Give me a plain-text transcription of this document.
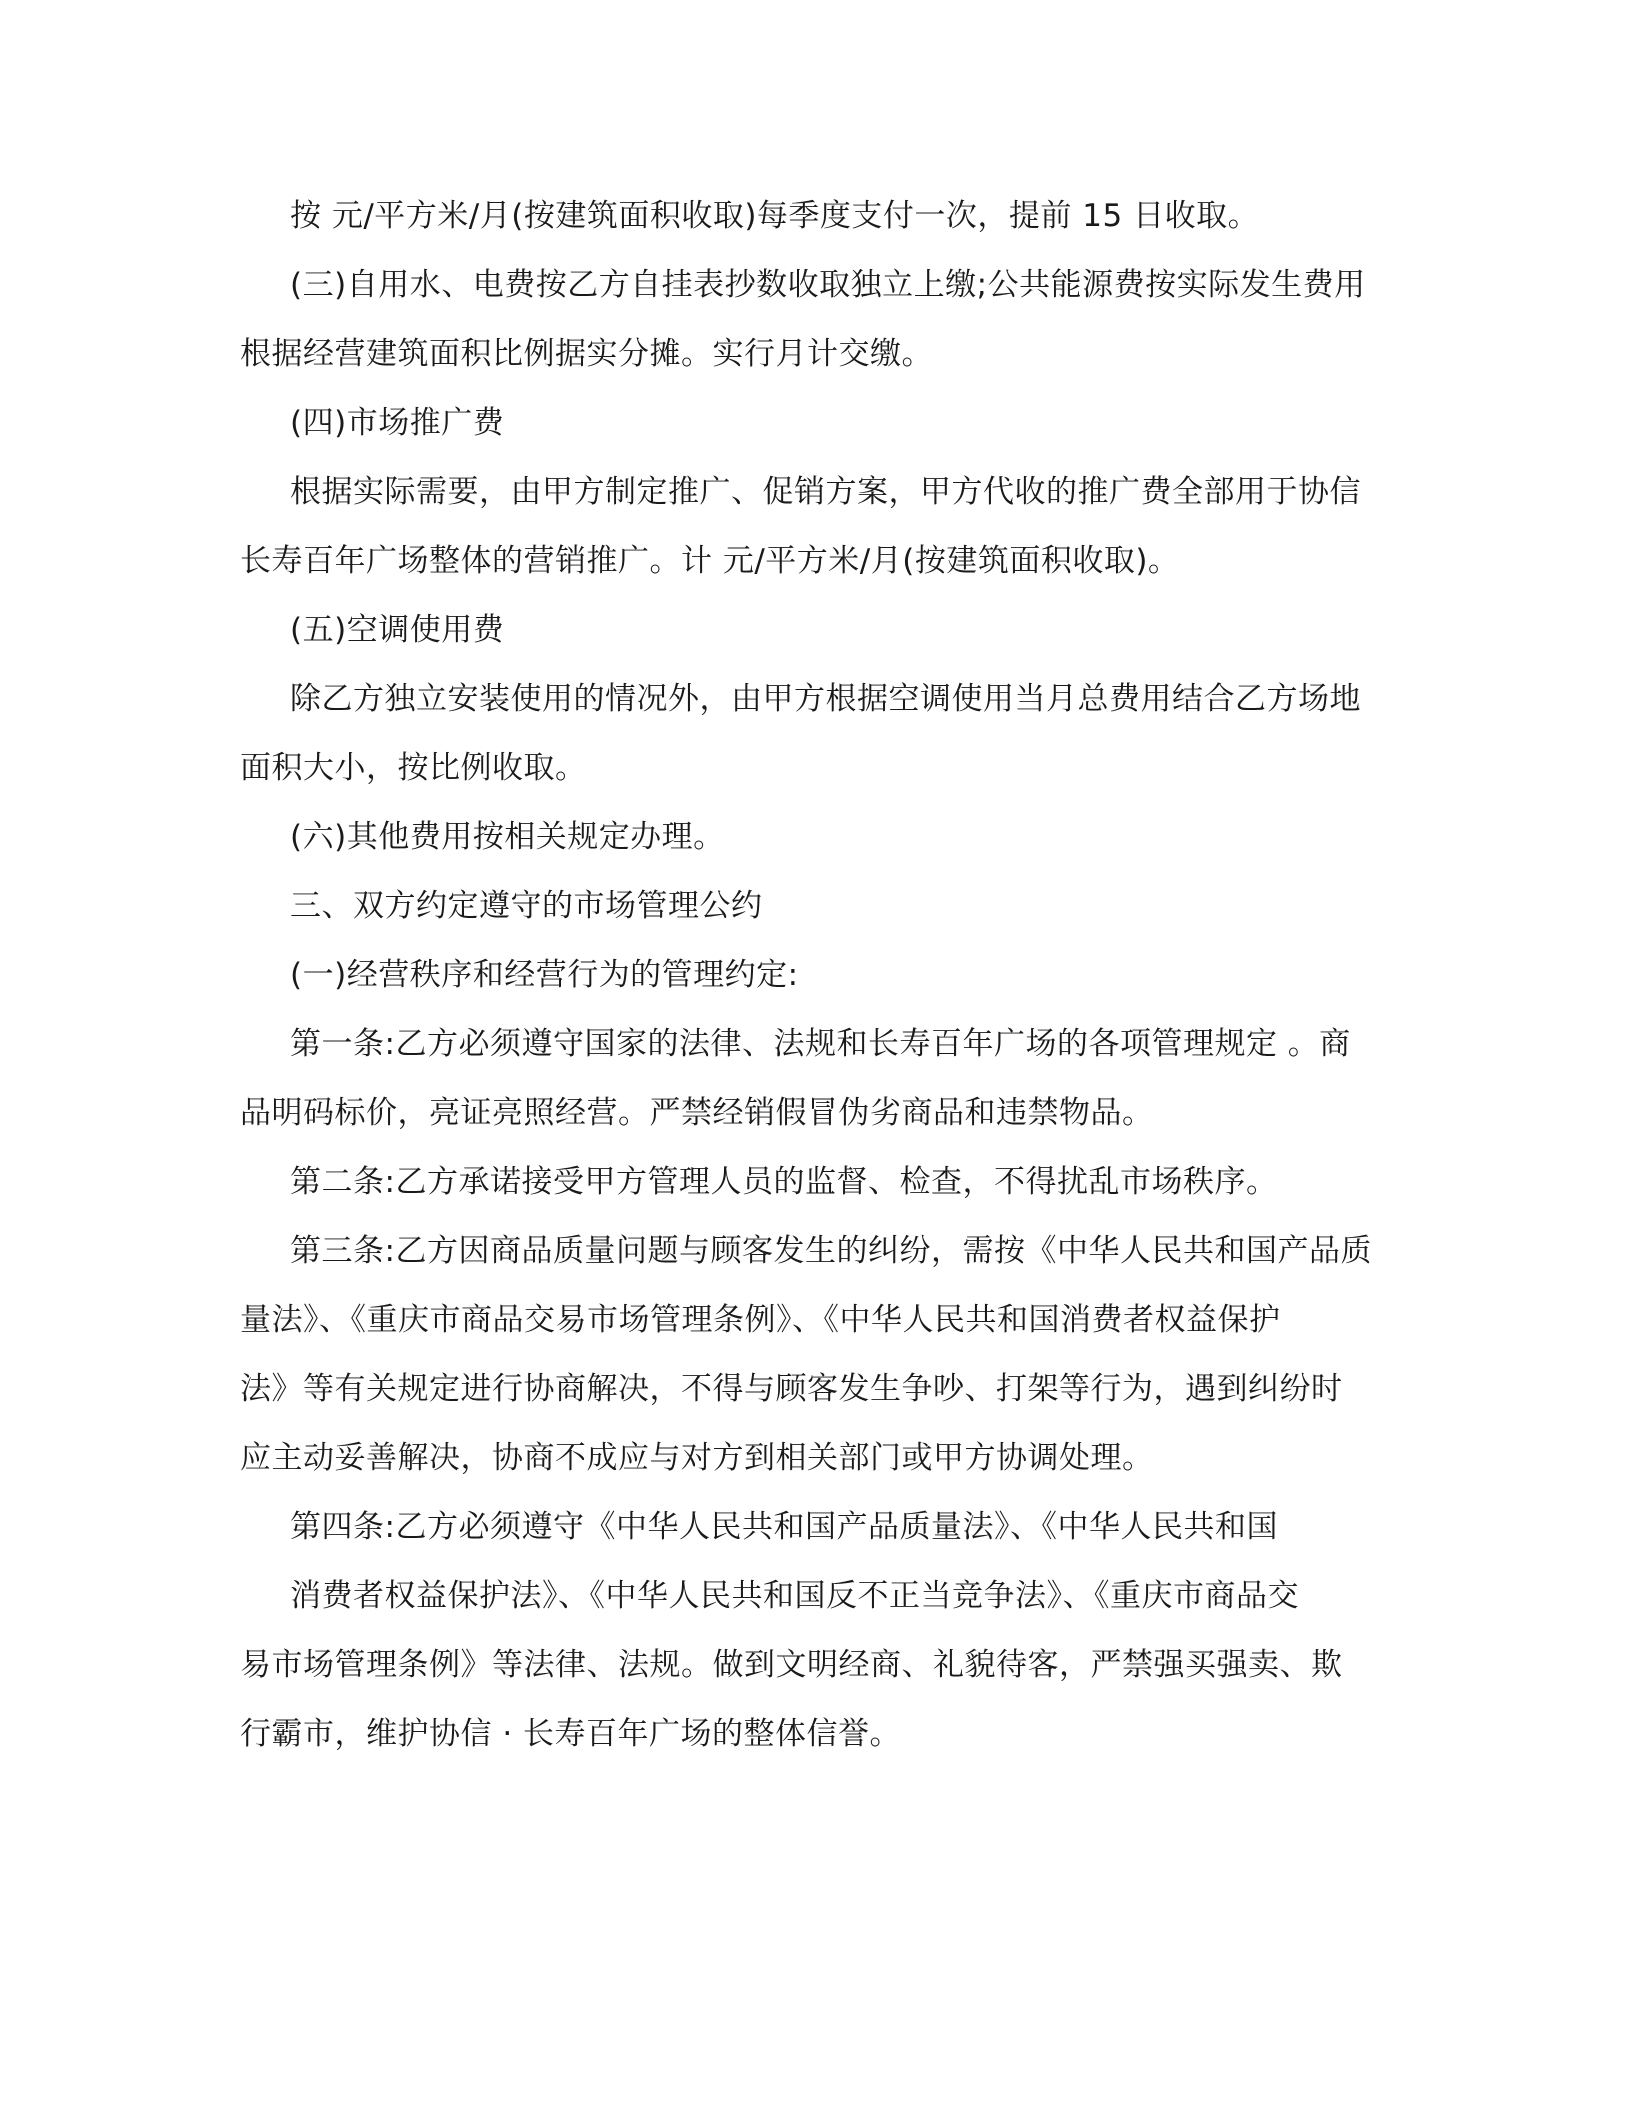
按 元/平方米/月(按建筑面积收取)每季度支付一次，提前 15 日收取。
(三)自用水、电费按乙方自挂表抄数收取独立上缴;公共能源费按实际发生费用
根据经营建筑面积比例据实分摊。实行月计交缴。
(四)市场推广费
根据实际需要，由甲方制定推广、促销方案，甲方代收的推广费全部用于协信
长寿百年广场整体的营销推广。计 元/平方米/月(按建筑面积收取)。
(五)空调使用费
除乙方独立安装使用的情况外，由甲方根据空调使用当月总费用结合乙方场地
面积大小，按比例收取。
(六)其他费用按相关规定办理。
三、双方约定遵守的市场管理公约
(一)经营秩序和经营行为的管理约定:
第一条:乙方必须遵守国家的法律、法规和长寿百年广场的各项管理规定 。商
品明码标价，亮证亮照经营。严禁经销假冒伪劣商品和违禁物品。
第二条:乙方承诺接受甲方管理人员的监督、检查，不得扰乱市场秩序。
第三条:乙方因商品质量问题与顾客发生的纠纷，需按《中华人民共和国产品质
量法》、《重庆市商品交易市场管理条例》、《中华人民共和国消费者权益保护
法》等有关规定进行协商解决，不得与顾客发生争吵、打架等行为，遇到纠纷时
应主动妥善解决，协商不成应与对方到相关部门或甲方协调处理。
第四条:乙方必须遵守《中华人民共和国产品质量法》、《中华人民共和国
消费者权益保护法》、《中华人民共和国反不正当竞争法》、《重庆市商品交
易市场管理条例》等法律、法规。做到文明经商、礼貌待客，严禁强买强卖、欺
行霸市，维护协信 · 长寿百年广场的整体信誉。
